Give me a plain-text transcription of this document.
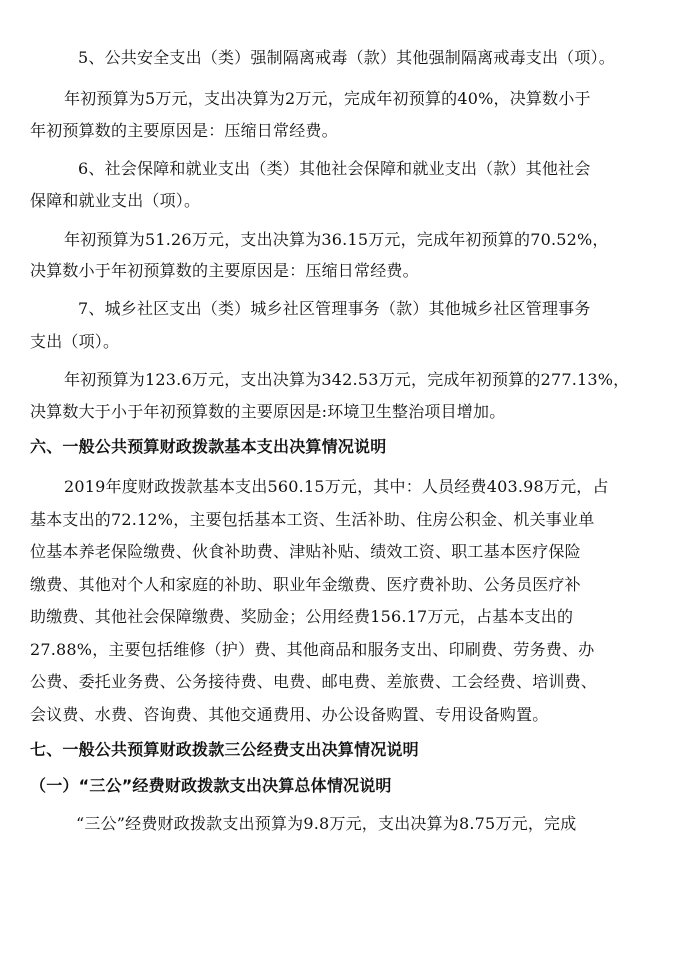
5、公共安全支出（类）强制隔离戒毒（款）其他强制隔离戒毒支出（项）。
年初预算为5万元，支出决算为2万元，完成年初预算的40%，决算数小于
年初预算数的主要原因是：压缩日常经费。
6、社会保障和就业支出（类）其他社会保障和就业支出（款）其他社会
保障和就业支出（项）。
年初预算为51.26万元，支出决算为36.15万元，完成年初预算的70.52%，
决算数小于年初预算数的主要原因是：压缩日常经费。
7、城乡社区支出（类）城乡社区管理事务（款）其他城乡社区管理事务
支出（项）。
年初预算为123.6万元，支出决算为342.53万元，完成年初预算的277.13%，
决算数大于小于年初预算数的主要原因是:环境卫生整治项目增加。
六、一般公共预算财政拨款基本支出决算情况说明
2019年度财政拨款基本支出560.15万元，其中：人员经费403.98万元，占
基本支出的72.12%，主要包括基本工资、生活补助、住房公积金、机关事业单
位基本养老保险缴费、伙食补助费、津贴补贴、绩效工资、职工基本医疗保险
缴费、其他对个人和家庭的补助、职业年金缴费、医疗费补助、公务员医疗补
助缴费、其他社会保障缴费、奖励金；公用经费156.17万元，占基本支出的
27.88%，主要包括维修（护）费、其他商品和服务支出、印刷费、劳务费、办
公费、委托业务费、公务接待费、电费、邮电费、差旅费、工会经费、培训费、
会议费、水费、咨询费、其他交通费用、办公设备购置、专用设备购置。
七、一般公共预算财政拨款三公经费支出决算情况说明
（一）“三公”经费财政拨款支出决算总体情况说明
“三公”经费财政拨款支出预算为9.8万元，支出决算为8.75万元，完成
